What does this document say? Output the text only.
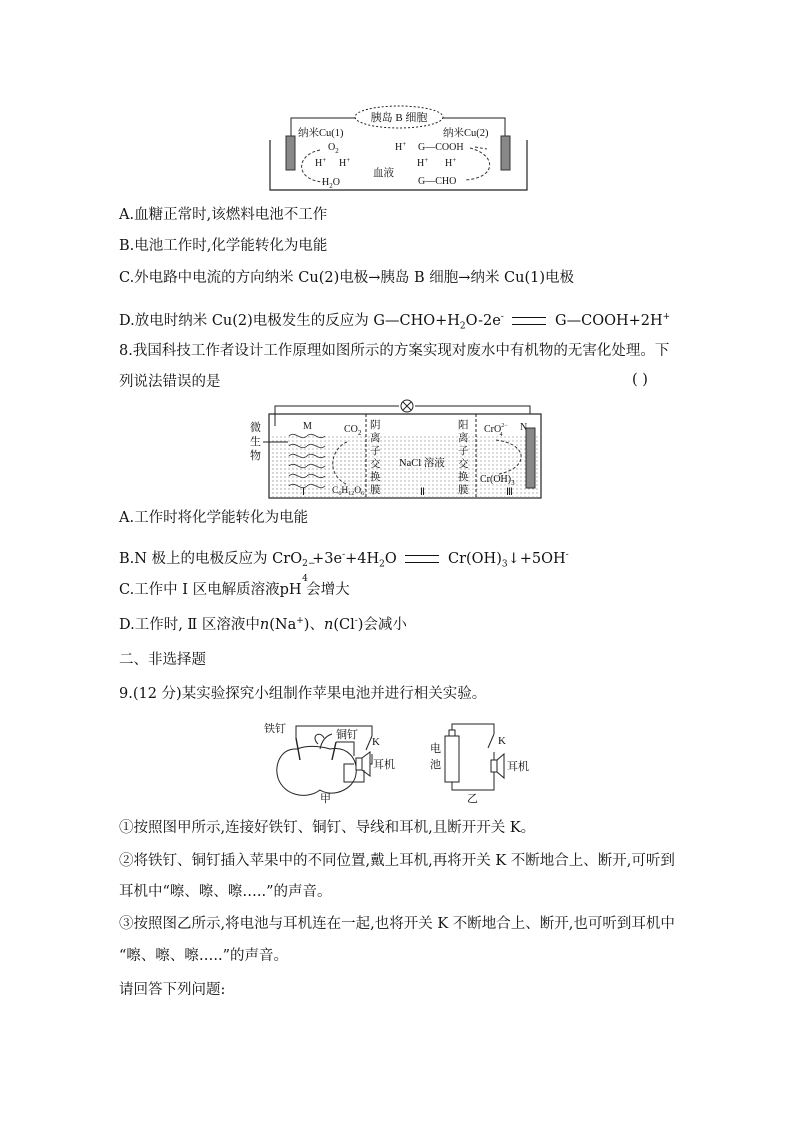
胰岛 B 细胞
纳米Cu(1)	纳米Cu(2)
$O_2$	H+
H+ H+
$H_2O$
血液
G—COOH
H+ H+
G—CHO
A.血糖正常时,该燃料电池不工作
B.电池工作时,化学能转化为电能
C.外电路中电流的方向纳米 Cu(2)电极→胰岛 B 细胞→纳米 Cu(1)电极
D.放电时纳米 Cu(2)电极发生的反应为 $G—CHO+H_2O-2e^-$	G—COOH+2H+
8.我国科技工作者设计工作原理如图所示的方案实现对废水中有机物的无害化处理。下
列说法错误的是	( )
微
生
物
M	$CO_2$
$C_6H_{12}O_6$
阴
离
子
交
换
膜
NaCl 溶液
阳
离
子
交
换
膜
CrO$^{2-}$ 4
N
$Cr(OH)_3$
Ⅰ	Ⅱ	Ⅲ
A.工作时将化学能转化为电能
B.N 极上的电极反应为 CrO 2−
4
$+3e^-+4H_2O$	$Cr(OH)_3↓+5OH^-$
C.工作中 Ⅰ 区电解质溶液pH 会增大
D.工作时, Ⅱ 区溶液中n(Na+)、n(Cl-)会减小
二、非选择题
9.(12 分)某实验探究小组制作苹果电池并进行相关实验。
铁钉	铜钉
K
耳机
甲
电
池
K
耳机
乙
①按照图甲所示,连接好铁钉、铜钉、导线和耳机,且断开开关 K。
②将铁钉、铜钉插入苹果中的不同位置,戴上耳机,再将开关 K 不断地合上、断开,可听到
耳机中“嚓、嚓、嚓…..”的声音。
③按照图乙所示,将电池与耳机连在一起,也将开关 K 不断地合上、断开,也可听到耳机中
“嚓、嚓、嚓…..”的声音。
请回答下列问题:
